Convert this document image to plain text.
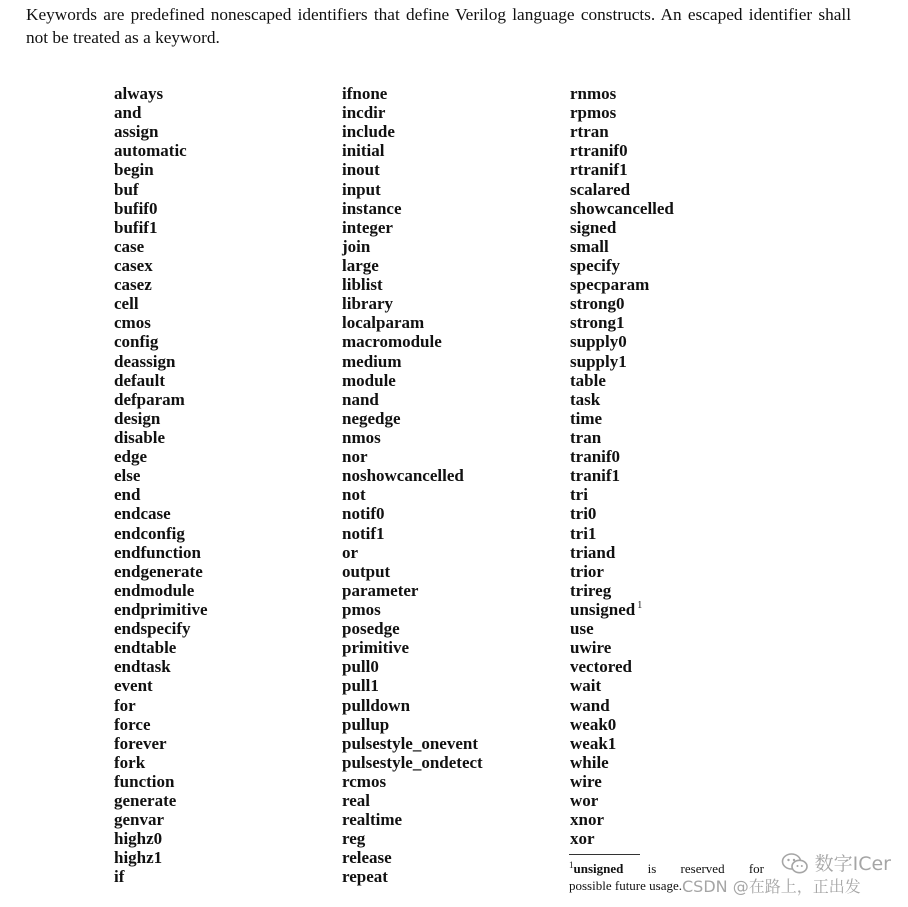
Keywords are predefined nonescaped identifiers that define Verilog language constructs. An escaped identifier shall not be treated as a keyword.

always
and
assign
automatic
begin
buf
bufif0
bufif1
case
casex
casez
cell
cmos
config
deassign
default
defparam
design
disable
edge
else
end
endcase
endconfig
endfunction
endgenerate
endmodule
endprimitive
endspecify
endtable
endtask
event
for
force
forever
fork
function
generate
genvar
highz0
highz1
if
ifnone
incdir
include
initial
inout
input
instance
integer
join
large
liblist
library
localparam
macromodule
medium
module
nand
negedge
nmos
nor
noshowcancelled
not
notif0
notif1
or
output
parameter
pmos
posedge
primitive
pull0
pull1
pulldown
pullup
pulsestyle_onevent
pulsestyle_ondetect
rcmos
real
realtime
reg
release
repeat
rnmos
rpmos
rtran
rtranif0
rtranif1
scalared
showcancelled
signed
small
specify
specparam
strong0
strong1
supply0
supply1
table
task
time
tran
tranif0
tranif1
tri
tri0
tri1
triand
trior
trireg
unsigned $^1$
use
uwire
vectored
wait
wand
weak0
weak1
while
wire
wor
xnor
xor
$^1$unsigned is reserved for
possible future usage.
数字ICer
CSDN @在路上，正出发
